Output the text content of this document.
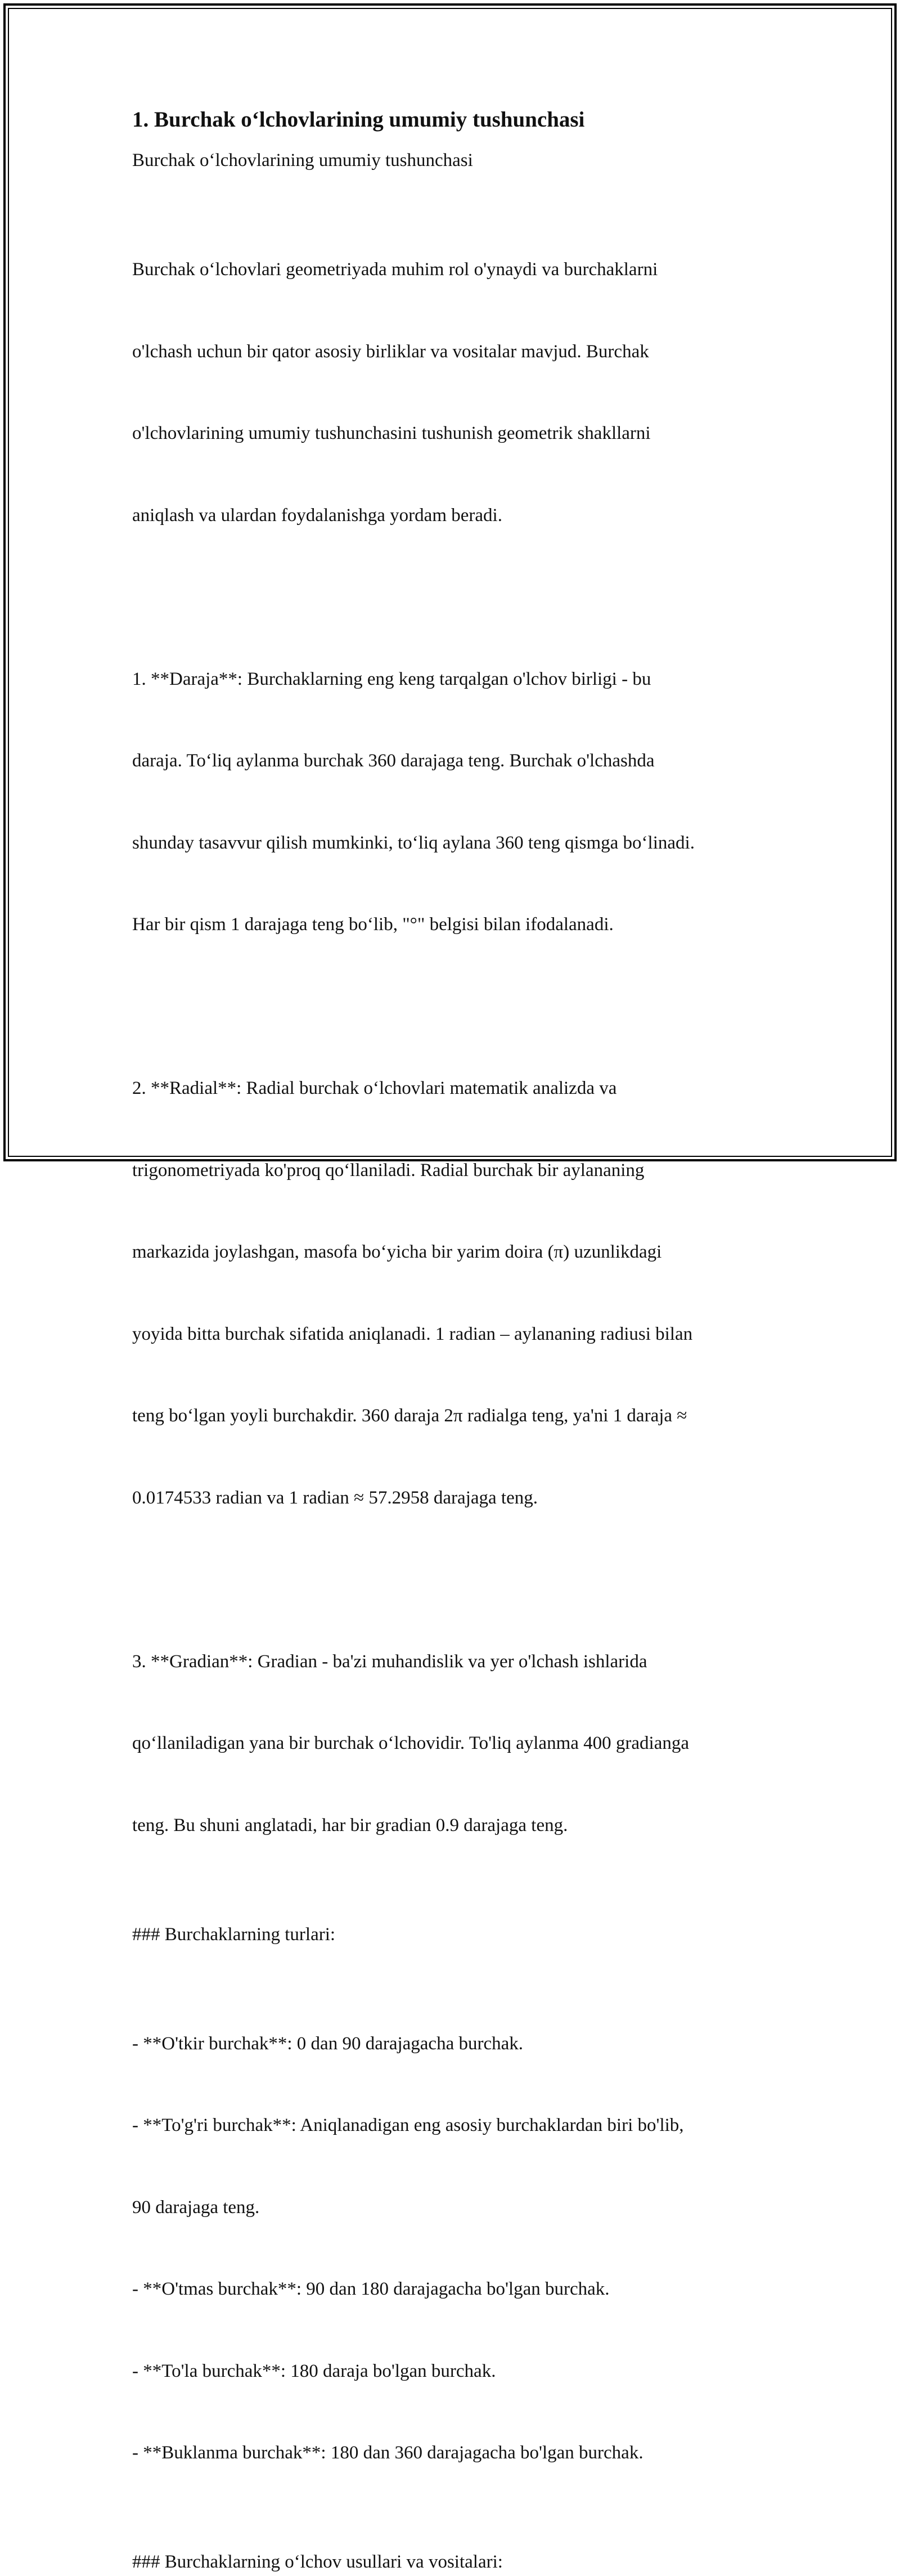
1. Burchak o‘lchovlarining umumiy tushunchasi

Burchak o‘lchovlarining umumiy tushunchasi

Burchak o‘lchovlari geometriyada muhim rol o'ynaydi va burchaklarni

o'lchash uchun bir qator asosiy birliklar va vositalar mavjud. Burchak

o'lchovlarining umumiy tushunchasini tushunish geometrik shakllarni

aniqlash va ulardan foydalanishga yordam beradi.

1. **Daraja**: Burchaklarning eng keng tarqalgan o'lchov birligi - bu

daraja. To‘liq aylanma burchak 360 darajaga teng. Burchak o'lchashda

shunday tasavvur qilish mumkinki, to‘liq aylana 360 teng qismga bo‘linadi.

Har bir qism 1 darajaga teng bo‘lib, "°" belgisi bilan ifodalanadi.

2. **Radial**: Radial burchak o‘lchovlari matematik analizda va

trigonometriyada ko'proq qo‘llaniladi. Radial burchak bir aylananing

markazida joylashgan, masofa bo‘yicha bir yarim doira (π) uzunlikdagi

yoyida bitta burchak sifatida aniqlanadi. 1 radian – aylananing radiusi bilan

teng bo‘lgan yoyli burchakdir. 360 daraja 2π radialga teng, ya'ni 1 daraja ≈

0.0174533 radian va 1 radian ≈ 57.2958 darajaga teng.

3. **Gradian**: Gradian - ba'zi muhandislik va yer o'lchash ishlarida

qo‘llaniladigan yana bir burchak o‘lchovidir. To'liq aylanma 400 gradianga

teng. Bu shuni anglatadi, har bir gradian 0.9 darajaga teng.

### Burchaklarning turlari:

- **O'tkir burchak**: 0 dan 90 darajagacha burchak.

- **To'g'ri burchak**: Aniqlanadigan eng asosiy burchaklardan biri bo'lib,

90 darajaga teng.

- **O'tmas burchak**: 90 dan 180 darajagacha bo'lgan burchak.

- **To'la burchak**: 180 daraja bo'lgan burchak.

- **Buklanma burchak**: 180 dan 360 darajagacha bo'lgan burchak.

### Burchaklarning o‘lchov usullari va vositalari:
